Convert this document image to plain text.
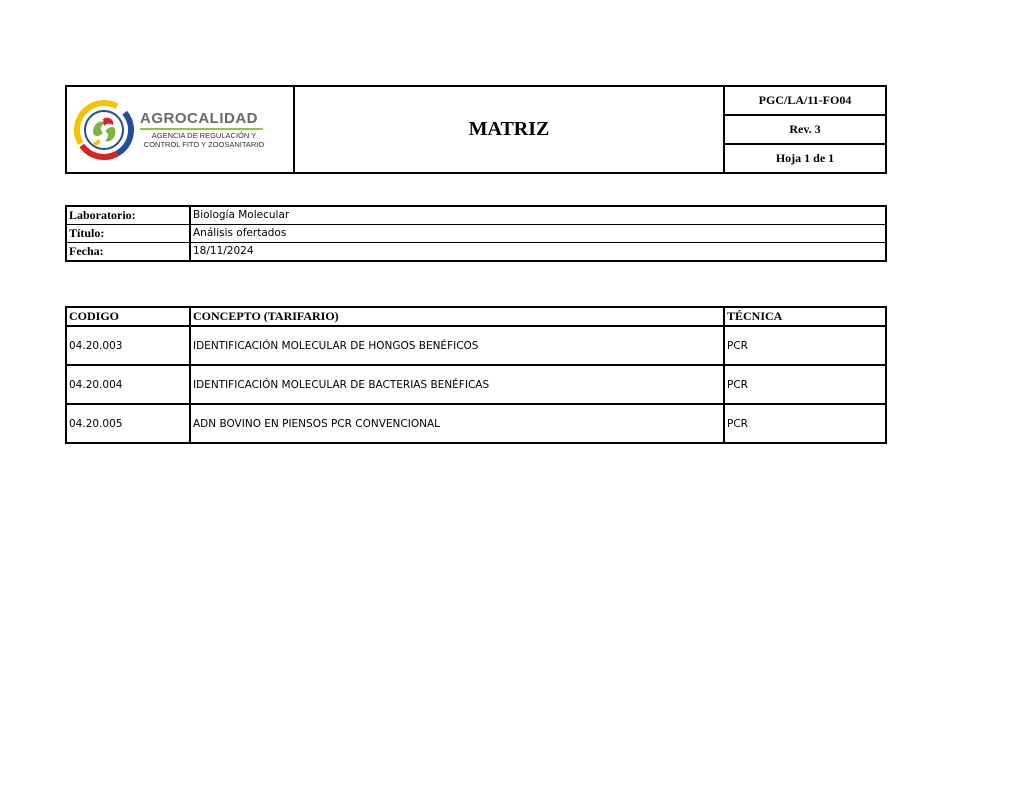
AGROCALIDAD
AGENCIA DE REGULACIÓN Y
CONTROL FITO Y ZOOSANITARIO
MATRIZ
PGC/LA/11-FO04
Rev. 3
Hoja 1 de 1
Laboratorio:	Biología Molecular
Título:	Análisis ofertados
Fecha:	18/11/2024
CODIGO	CONCEPTO (TARIFARIO)	TÉCNICA
04.20.003	IDENTIFICACIÓN MOLECULAR DE HONGOS BENÉFICOS	PCR
04.20.004	IDENTIFICACIÓN MOLECULAR DE BACTERIAS BENÉFICAS	PCR
04.20.005	ADN BOVINO EN PIENSOS PCR CONVENCIONAL	PCR
